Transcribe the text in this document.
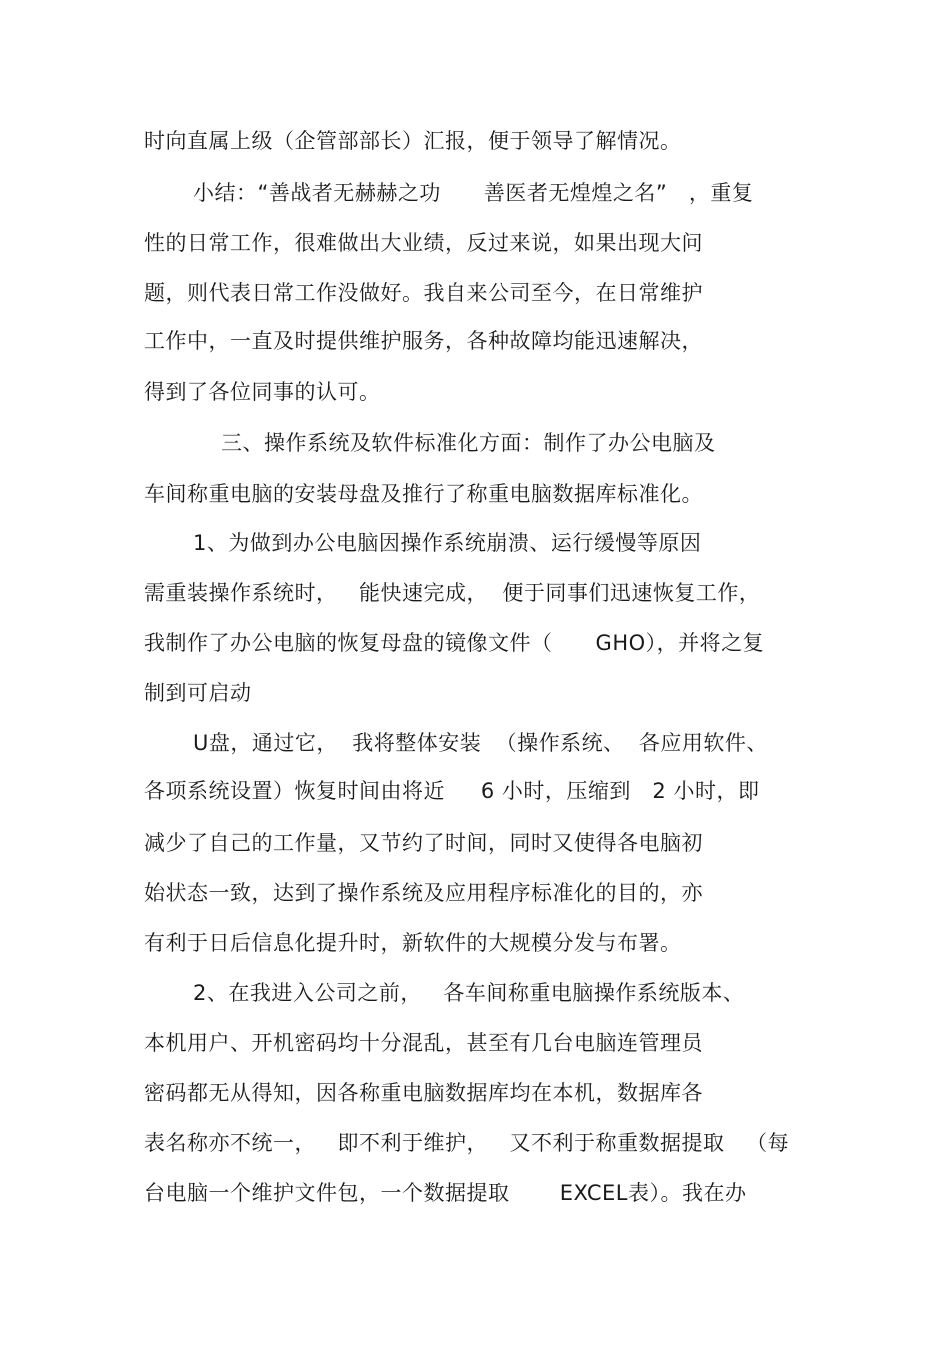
时向直属上级（企管部部长）汇报，便于领导了解情况。
小结：“善战者无赫赫之功      善医者无煌煌之名”   ，重复
性的日常工作，很难做出大业绩，反过来说，如果出现大问
题，则代表日常工作没做好。我自来公司至今，在日常维护
工作中，一直及时提供维护服务，各种故障均能迅速解决，
得到了各位同事的认可。
三、操作系统及软件标准化方面：制作了办公电脑及
车间称重电脑的安装母盘及推行了称重电脑数据库标准化。
1、为做到办公电脑因操作系统崩溃、运行缓慢等原因
需重装操作系统时，   能快速完成，  便于同事们迅速恢复工作，
我制作了办公电脑的恢复母盘的镜像文件（      GHO），并将之复
制到可启动
U盘，通过它，  我将整体安装  （操作系统、  各应用软件、
各项系统设置）恢复时间由将近     6 小时，压缩到   2 小时，即
减少了自己的工作量，又节约了时间，同时又使得各电脑初
始状态一致，达到了操作系统及应用程序标准化的目的，亦
有利于日后信息化提升时，新软件的大规模分发与布署。
2、在我进入公司之前，   各车间称重电脑操作系统版本、
本机用户、开机密码均十分混乱，甚至有几台电脑连管理员
密码都无从得知，因各称重电脑数据库均在本机，数据库各
表名称亦不统一，   即不利于维护，   又不利于称重数据提取   （每
台电脑一个维护文件包，一个数据提取       EXCEL表）。我在办
